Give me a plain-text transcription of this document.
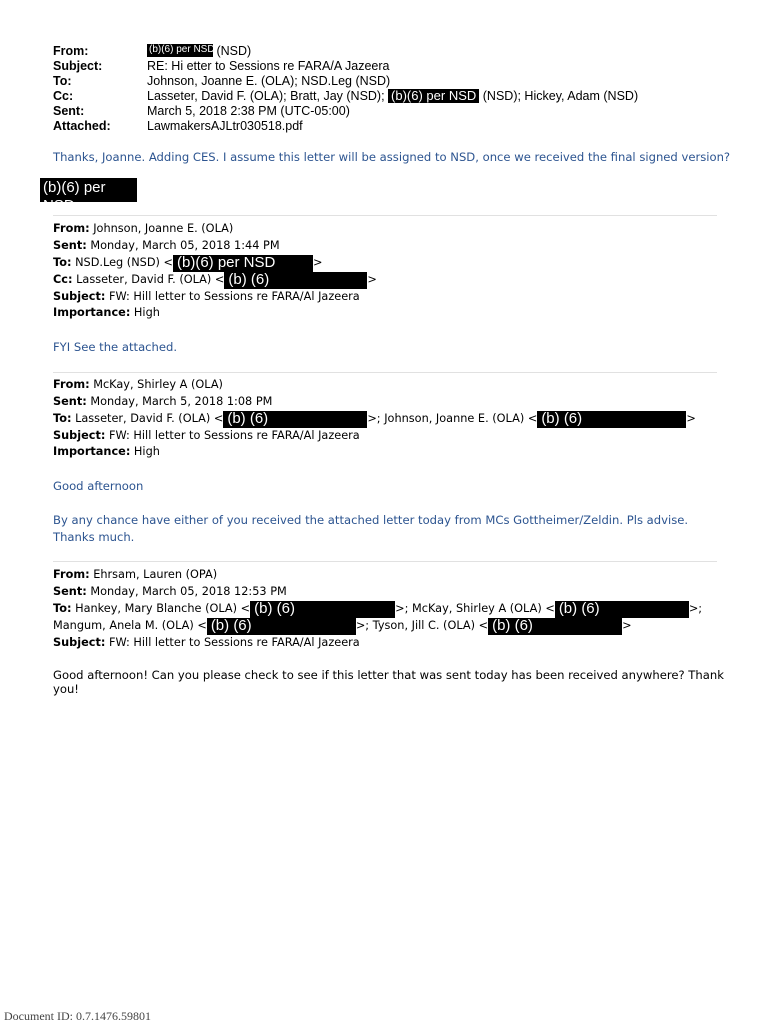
From:	(b)(6) per NSD (NSD)
Subject:	RE: Hi etter to Sessions re FARA/A Jazeera
To:	Johnson, Joanne E. (OLA); NSD.Leg (NSD)
Cc:	Lasseter, David F. (OLA); Bratt, Jay (NSD); (b)(6) per NSD (NSD); Hickey, Adam (NSD)
Sent:	March 5, 2018 2:38 PM (UTC-05:00)
Attached:	LawmakersAJLtr030518.pdf
Thanks, Joanne. Adding CES. I assume this letter will be assigned to NSD, once we received the final signed version?
(b)(6) per NSD
From: Johnson, Joanne E. (OLA)
Sent: Monday, March 05, 2018 1:44 PM
To: NSD.Leg (NSD) < (b)(6) per NSD	>
Cc: Lasseter, David F. (OLA) < (b) (6)	>
Subject: FW: Hill letter to Sessions re FARA/Al Jazeera
Importance: High
FYI See the attached.
From: McKay, Shirley A (OLA)
Sent: Monday, March 5, 2018 1:08 PM
To: Lasseter, David F. (OLA) < (b) (6)	>; Johnson, Joanne E. (OLA) < (b) (6)	>
Subject: FW: Hill letter to Sessions re FARA/Al Jazeera
Importance: High
Good afternoon
By any chance have either of you received the attached letter today from MCs Gottheimer/Zeldin. Pls advise. Thanks much.
From: Ehrsam, Lauren (OPA)
Sent: Monday, March 05, 2018 12:53 PM
To: Hankey, Mary Blanche (OLA) < (b) (6)	>; McKay, Shirley A (OLA) < (b) (6)	>;
Mangum, Anela M. (OLA) < (b) (6)	>; Tyson, Jill C. (OLA) < (b) (6)	>
Subject: FW: Hill letter to Sessions re FARA/Al Jazeera
Good afternoon! Can you please check to see if this letter that was sent today has been received anywhere? Thank you!
Document ID: 0.7.1476.59801
